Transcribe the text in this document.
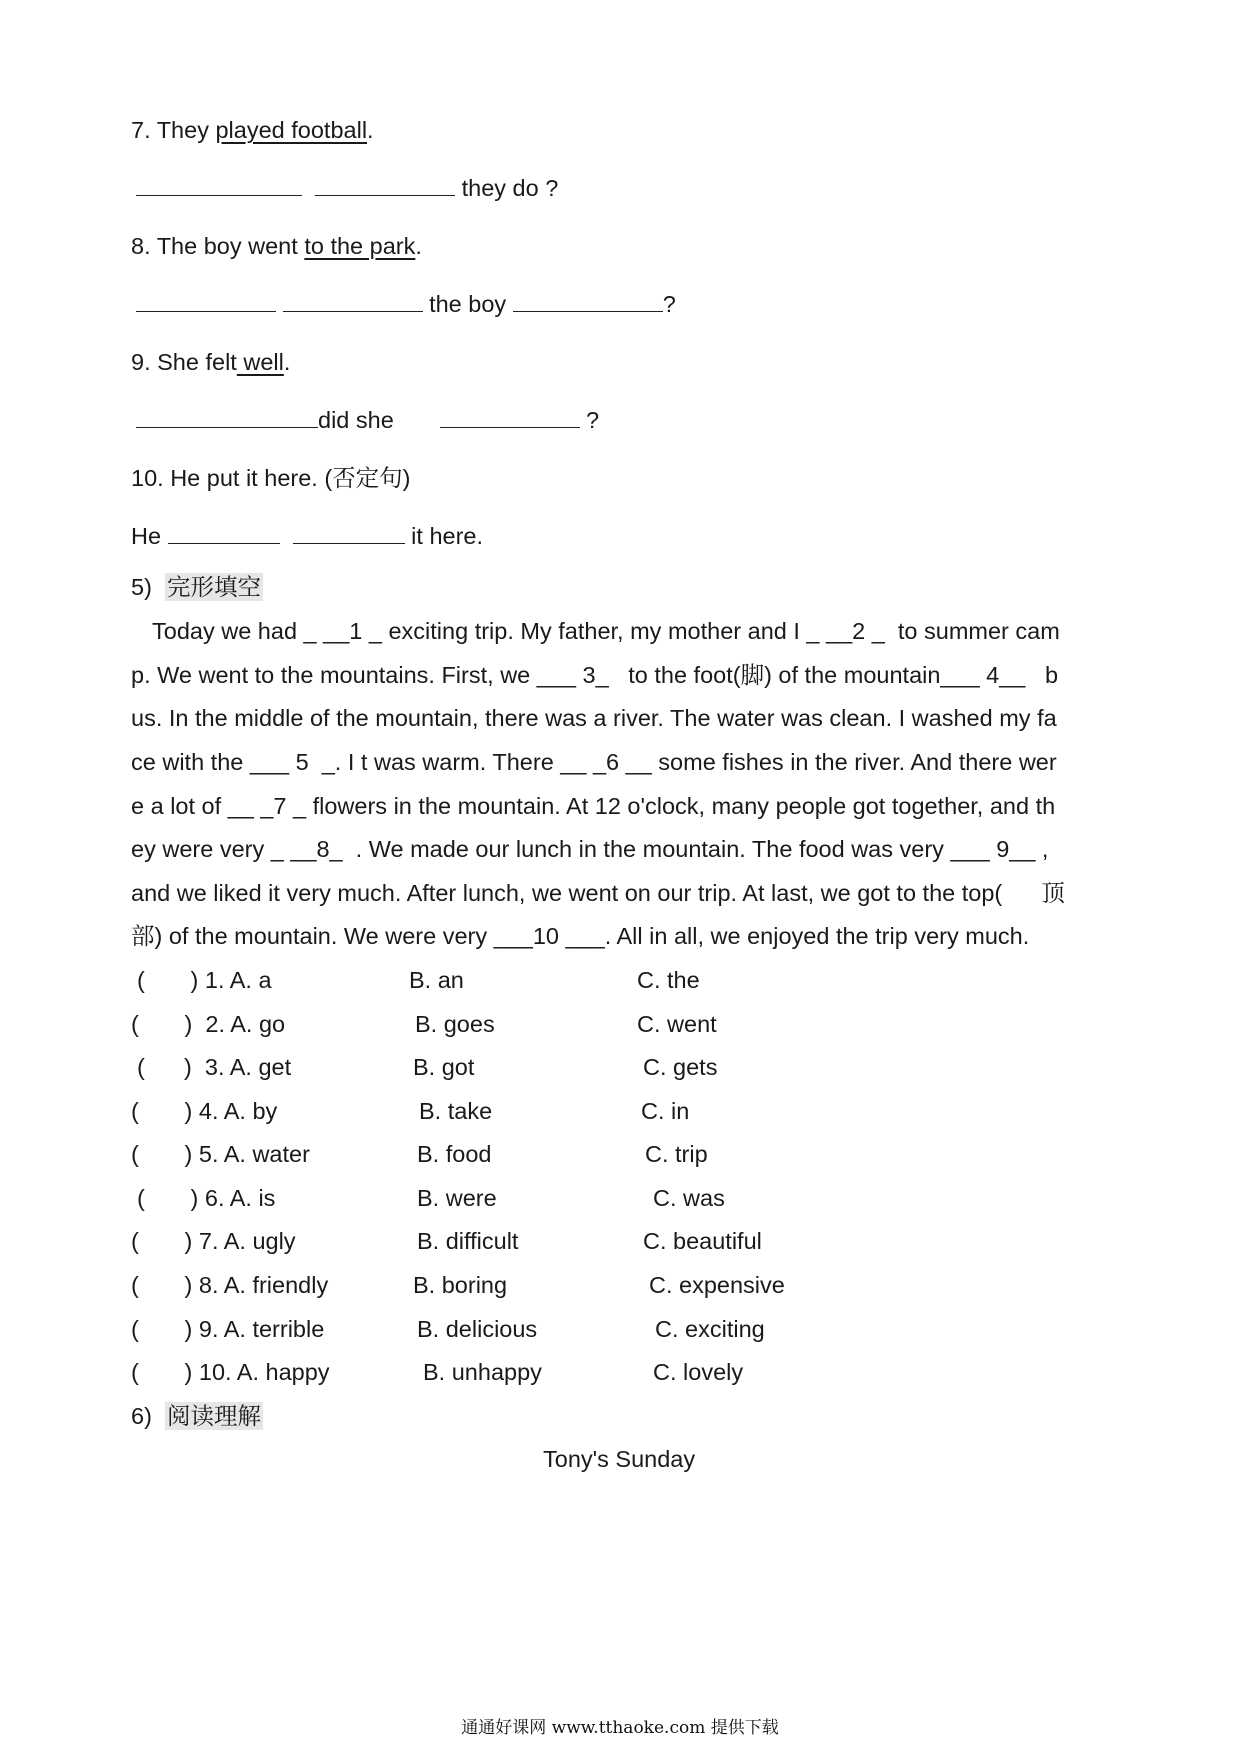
7. They played football.
they do ?
8. The boy went to the park.
the boy	?
9. She felt well.
did she	?
10. He put it here. (否定句)
He	it here.
5) 完形填空
Today we had _ __1 _ exciting trip. My father, my mother and I _ __2 _  to summer cam
p. We went to the mountains. First, we ___ 3_   to the foot(脚) of the mountain___ 4__   b
us. In the middle of the mountain, there was a river. The water was clean. I washed my fa
ce with the ___ 5  _. I t was warm. There __ _6 __ some fishes in the river. And there wer
e a lot of __ _7 _ flowers in the mountain. At 12 o'clock, many people got together, and th
ey were very _ __8_  . We made our lunch in the mountain. The food was very ___ 9__ ,
and we liked it very much. After lunch, we went on our trip. At last, we got to the top(      顶
部) of the mountain. We were very ___10 ___. All in all, we enjoyed the trip very much.
(       ) 1. A. a	B. an	C. the
(       )  2. A. go	B. goes	C. went
(      )  3. A. get	B. got	C. gets
(       ) 4. A. by	B. take	C. in
(       ) 5. A. water	B. food	C. trip
(       ) 6. A. is	B. were	C. was
(       ) 7. A. ugly	B. difficult	C. beautiful
(       ) 8. A. friendly	B. boring	C. expensive
(       ) 9. A. terrible	B. delicious	C. exciting
(       ) 10. A. happy	B. unhappy	C. lovely
6) 阅读理解
Tony's Sunday
通通好课网 www.tthaoke.com 提供下载
